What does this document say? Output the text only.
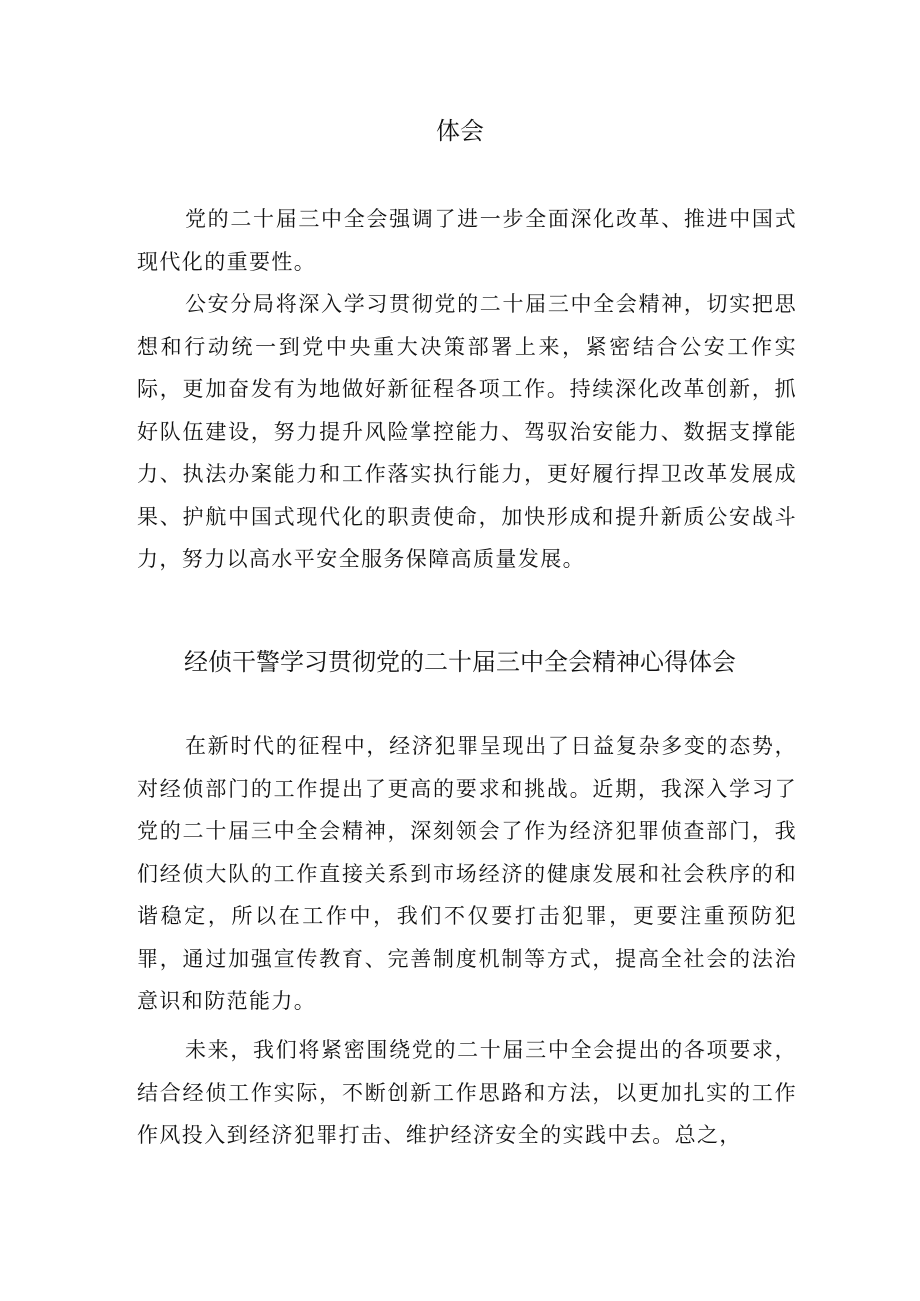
体会

党的二十届三中全会强调了进一步全面深化改革、推进中国式现代化的重要性。

公安分局将深入学习贯彻党的二十届三中全会精神，切实把思想和行动统一到党中央重大决策部署上来，紧密结合公安工作实际，更加奋发有为地做好新征程各项工作。持续深化改革创新，抓好队伍建设，努力提升风险掌控能力、驾驭治安能力、数据支撑能力、执法办案能力和工作落实执行能力，更好履行捍卫改革发展成果、护航中国式现代化的职责使命，加快形成和提升新质公安战斗力，努力以高水平安全服务保障高质量发展。

经侦干警学习贯彻党的二十届三中全会精神心得体会

在新时代的征程中，经济犯罪呈现出了日益复杂多变的态势，对经侦部门的工作提出了更高的要求和挑战。近期，我深入学习了党的二十届三中全会精神，深刻领会了作为经济犯罪侦查部门，我们经侦大队的工作直接关系到市场经济的健康发展和社会秩序的和谐稳定，所以在工作中，我们不仅要打击犯罪，更要注重预防犯罪，通过加强宣传教育、完善制度机制等方式，提高全社会的法治意识和防范能力。

未来，我们将紧密围绕党的二十届三中全会提出的各项要求，结合经侦工作实际，不断创新工作思路和方法，以更加扎实的工作作风投入到经济犯罪打击、维护经济安全的实践中去。总之，
